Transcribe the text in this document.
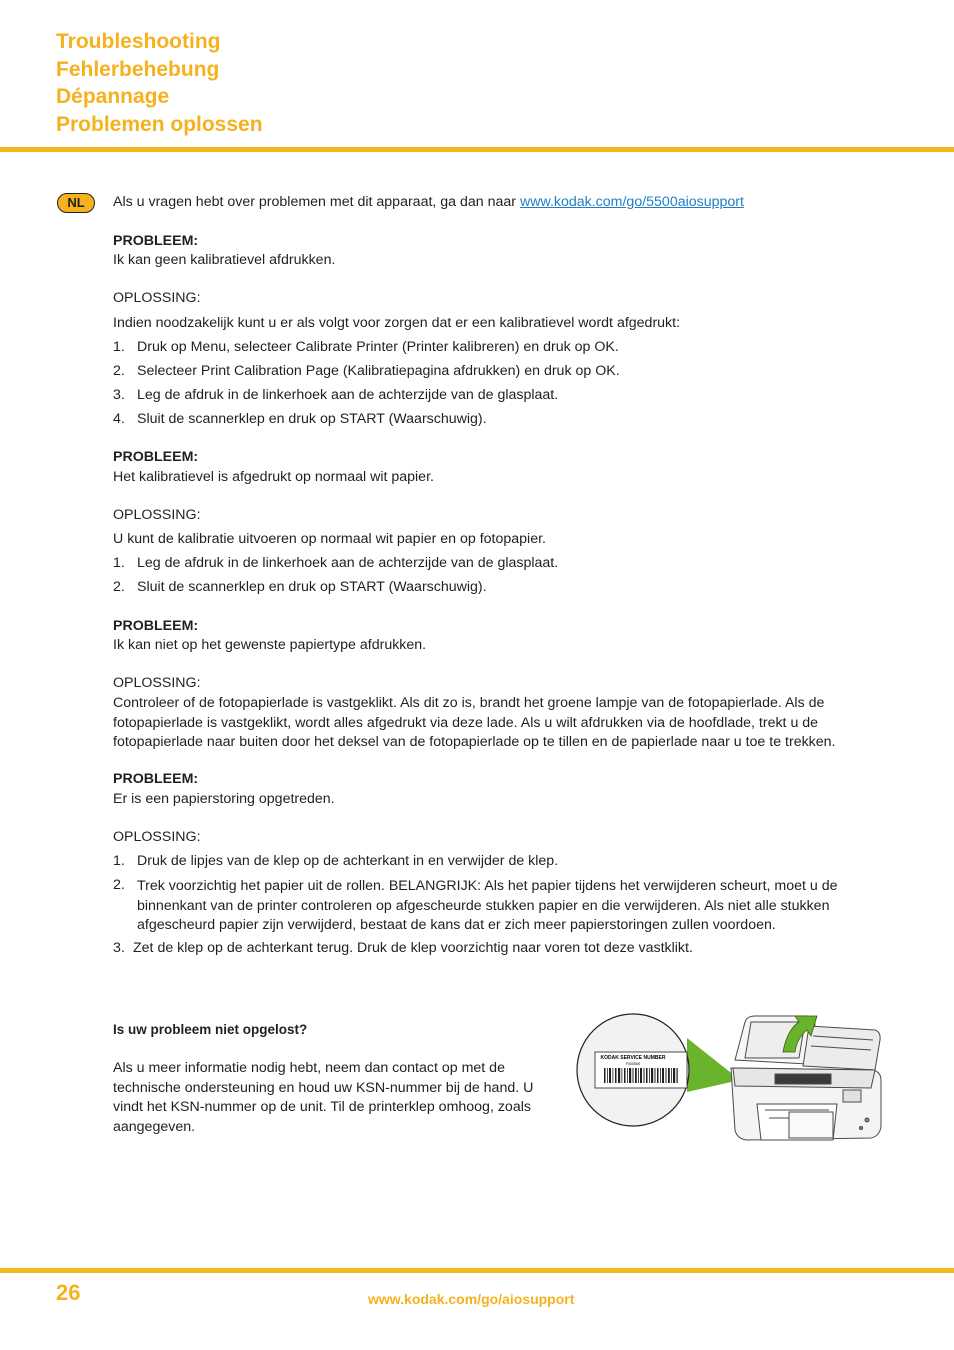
Troubleshooting
Fehlerbehebung
Dépannage
Problemen oplossen
NL	Als u vragen hebt over problemen met dit apparaat, ga dan naar www.kodak.com/go/5500aiosupport
PROBLEEM:
Ik kan geen kalibratievel afdrukken.
OPLOSSING:
Indien noodzakelijk kunt u er als volgt voor zorgen dat er een kalibratievel wordt afgedrukt:
1. Druk op Menu, selecteer Calibrate Printer (Printer kalibreren) en druk op OK.
2. Selecteer Print Calibration Page (Kalibratiepagina afdrukken) en druk op OK.
3. Leg de afdruk in de linkerhoek aan de achterzijde van de glasplaat.
4. Sluit de scannerklep en druk op START (Waarschuwig).
PROBLEEM:
Het kalibratievel is afgedrukt op normaal wit papier.
OPLOSSING:
U kunt de kalibratie uitvoeren op normaal wit papier en op fotopapier.
1. Leg de afdruk in de linkerhoek aan de achterzijde van de glasplaat.
2. Sluit de scannerklep en druk op START (Waarschuwig).
PROBLEEM:
Ik kan niet op het gewenste papiertype afdrukken.
OPLOSSING:
Controleer of de fotopapierlade is vastgeklikt. Als dit zo is, brandt het groene lampje van de fotopapierlade. Als de fotopapierlade is vastgeklikt, wordt alles afgedrukt via deze lade. Als u wilt afdrukken via de hoofdlade, trekt u de fotopapierlade naar buiten door het deksel van de fotopapierlade op te tillen en de papierlade naar u toe te trekken.
PROBLEEM:
Er is een papierstoring opgetreden.
OPLOSSING:
1. Druk de lipjes van de klep op de achterkant in en verwijder de klep.
2. Trek voorzichtig het papier uit de rollen. BELANGRIJK: Als het papier tijdens het verwijderen scheurt, moet u de binnenkant van de printer controleren op afgescheurde stukken papier en die verwijderen. Als niet alle stukken afgescheurd papier zijn verwijderd, bestaat de kans dat er zich meer papierstoringen zullen voordoen.
3. Zet de klep op de achterkant terug. Druk de klep voorzichtig naar voren tot deze vastklikt.
Is uw probleem niet opgelost?
Als u meer informatie nodig hebt, neem dan contact op met de technische ondersteuning en houd uw KSN-nummer bij de hand. U vindt het KSN-nummer op de unit. Til de printerklep omhoog, zoals aangegeven.
KODAK SERVICE NUMBER
F00056S
26	www.kodak.com/go/aiosupport
